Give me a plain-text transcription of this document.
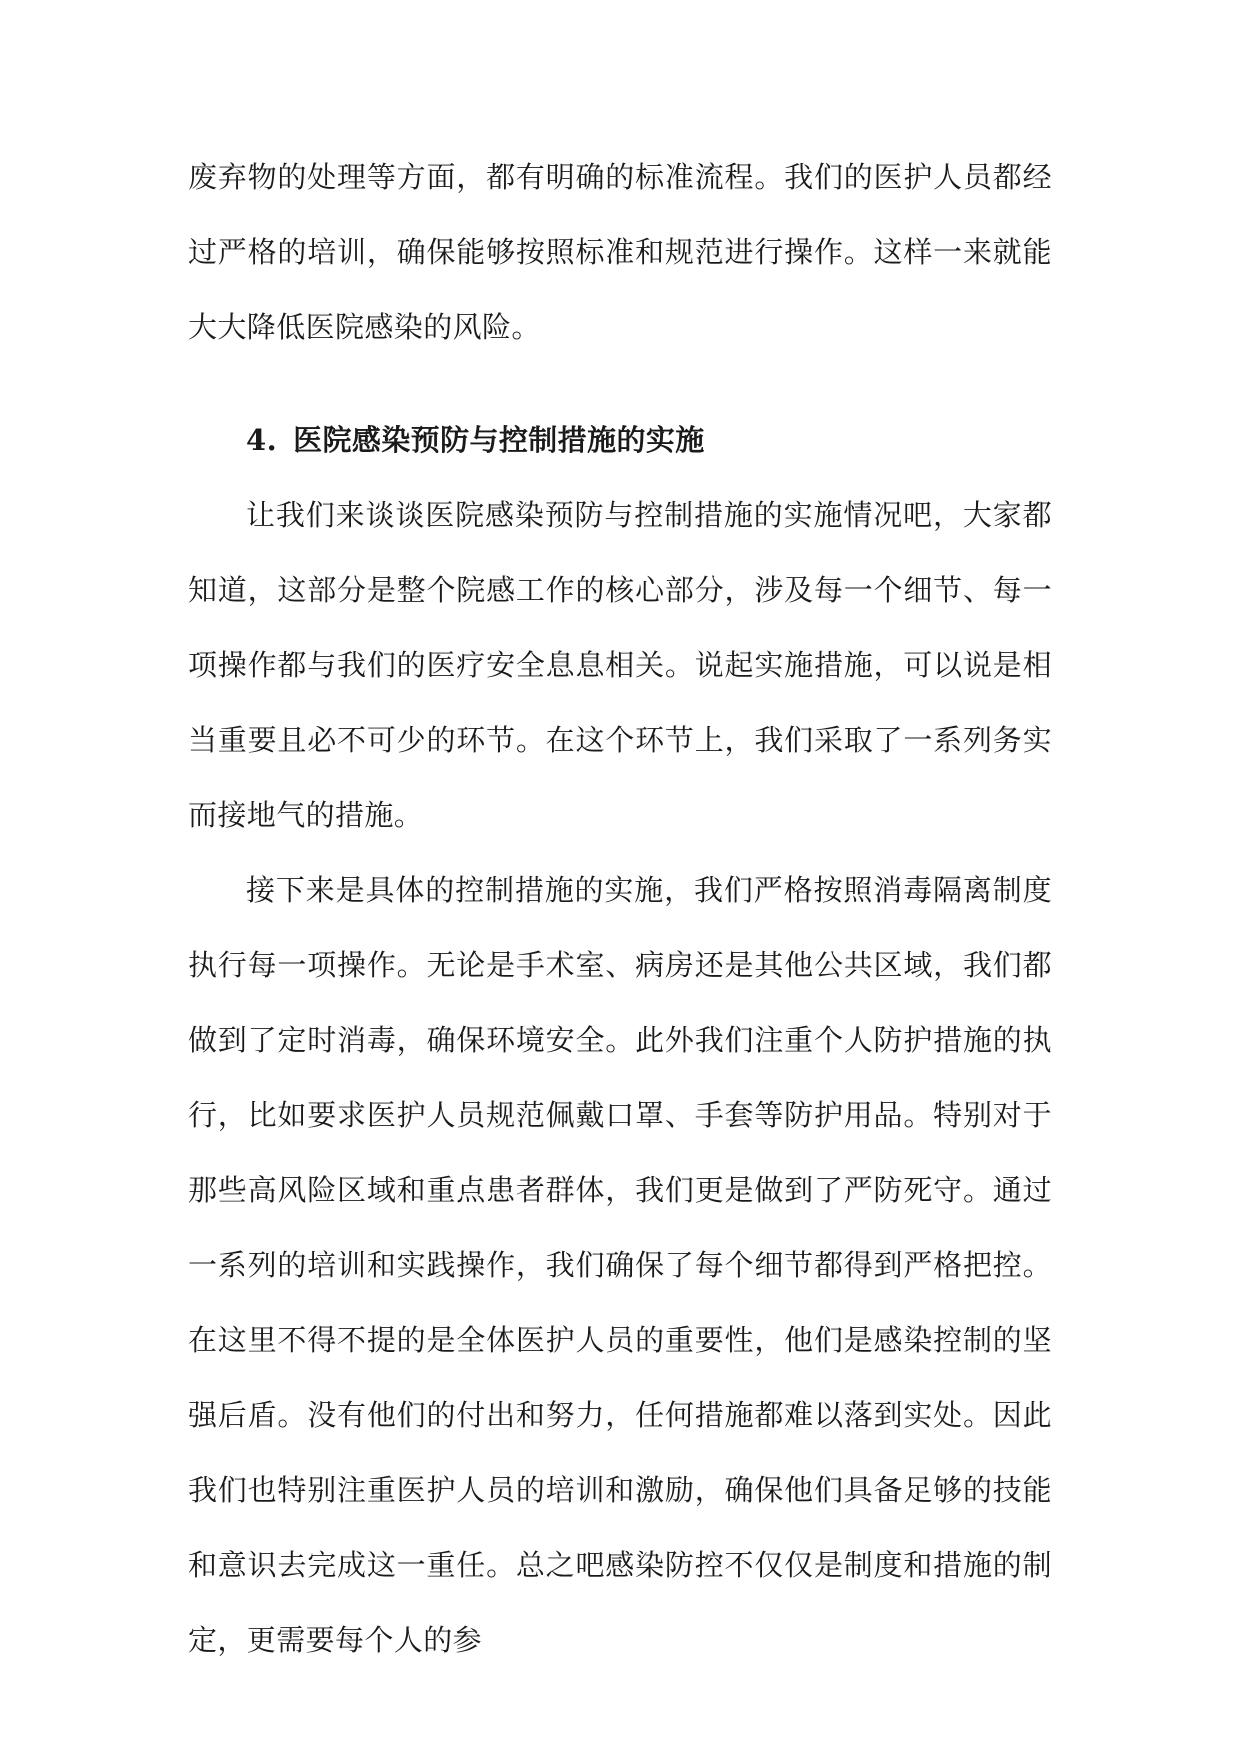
废弃物的处理等方面，都有明确的标准流程。我们的医护人员都经过严格的培训，确保能够按照标准和规范进行操作。这样一来就能大大降低医院感染的风险。

4. 医院感染预防与控制措施的实施

让我们来谈谈医院感染预防与控制措施的实施情况吧，大家都知道，这部分是整个院感工作的核心部分，涉及每一个细节、每一项操作都与我们的医疗安全息息相关。说起实施措施，可以说是相当重要且必不可少的环节。在这个环节上，我们采取了一系列务实而接地气的措施。

接下来是具体的控制措施的实施，我们严格按照消毒隔离制度执行每一项操作。无论是手术室、病房还是其他公共区域，我们都做到了定时消毒，确保环境安全。此外我们注重个人防护措施的执行，比如要求医护人员规范佩戴口罩、手套等防护用品。特别对于那些高风险区域和重点患者群体，我们更是做到了严防死守。通过一系列的培训和实践操作，我们确保了每个细节都得到严格把控。在这里不得不提的是全体医护人员的重要性，他们是感染控制的坚强后盾。没有他们的付出和努力，任何措施都难以落到实处。因此我们也特别注重医护人员的培训和激励，确保他们具备足够的技能和意识去完成这一重任。总之吧感染防控不仅仅是制度和措施的制定，更需要每个人的参
